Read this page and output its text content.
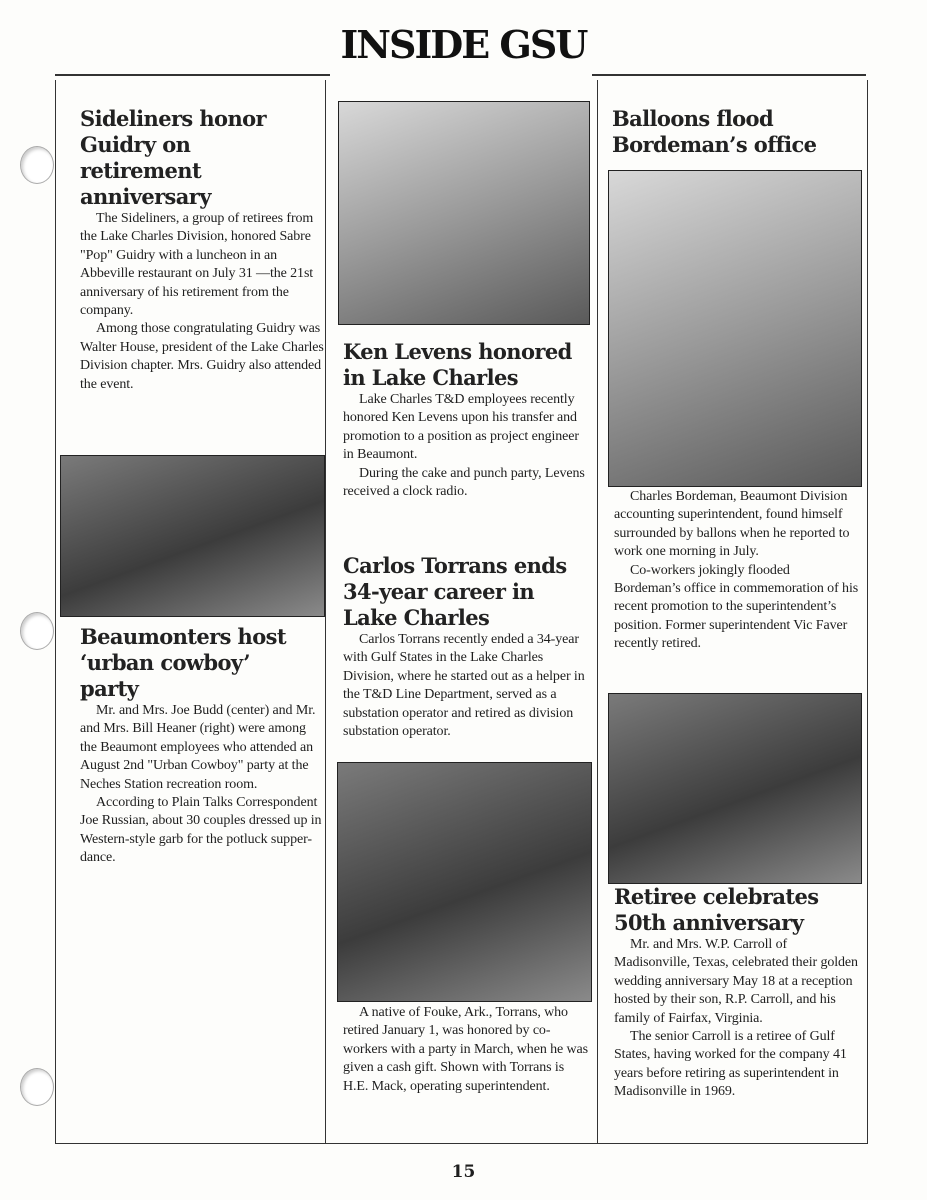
INSIDE GSU
Sideliners honor Guidry on retirement anniversary

The Sideliners, a group of retirees from the Lake Charles Division, honored Sabre "Pop" Guidry with a luncheon in an Abbeville restaurant on July 31 —the 21st anniversary of his retirement from the company.

Among those congratulating Guidry was Walter House, president of the Lake Charles Division chapter. Mrs. Guidry also attended the event.

Beaumonters host ‘urban cowboy’ party

Mr. and Mrs. Joe Budd (center) and Mr. and Mrs. Bill Heaner (right) were among the Beaumont employees who attended an August 2nd "Urban Cowboy" party at the Neches Station recreation room.

According to Plain Talks Correspondent Joe Russian, about 30 couples dressed up in Western-style garb for the potluck supper-dance.

Ken Levens honored in Lake Charles

Lake Charles T&D employees recently honored Ken Levens upon his transfer and promotion to a position as project engineer in Beaumont.

During the cake and punch party, Levens received a clock radio.

Carlos Torrans ends 34-year career in Lake Charles

Carlos Torrans recently ended a 34-year with Gulf States in the Lake Charles Division, where he started out as a helper in the T&D Line Department, served as a substation operator and retired as division substation operator.

A native of Fouke, Ark., Torrans, who retired January 1, was honored by co-workers with a party in March, when he was given a cash gift. Shown with Torrans is H.E. Mack, operating superintendent.

Balloons flood Bordeman’s office

Charles Bordeman, Beaumont Division accounting superintendent, found himself surrounded by ballons when he reported to work one morning in July.

Co-workers jokingly flooded Bordeman’s office in commemoration of his recent promotion to the superintendent’s position. Former superintendent Vic Faver recently retired.

Retiree celebrates 50th anniversary

Mr. and Mrs. W.P. Carroll of Madisonville, Texas, celebrated their golden wedding anniversary May 18 at a reception hosted by their son, R.P. Carroll, and his family of Fairfax, Virginia.

The senior Carroll is a retiree of Gulf States, having worked for the company 41 years before retiring as superintendent in Madisonville in 1969.

15
